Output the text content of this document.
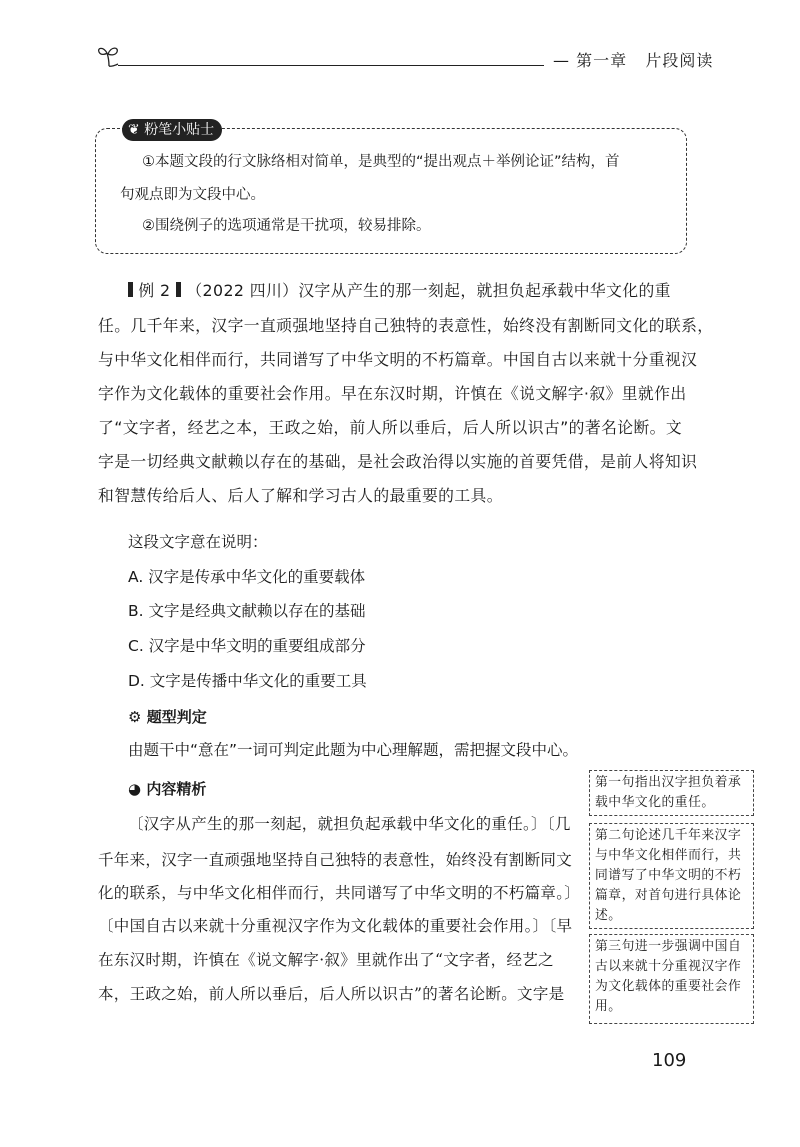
— 第一章 片段阅读
❦ 粉笔小贴士
①本题文段的行文脉络相对简单，是典型的“提出观点＋举例论证”结构，首
句观点即为文段中心。
②围绕例子的选项通常是干扰项，较易排除。
例 2 （2022 四川）汉字从产生的那一刻起，就担负起承载中华文化的重
任。几千年来，汉字一直顽强地坚持自己独特的表意性，始终没有割断同文化的联系，
与中华文化相伴而行，共同谱写了中华文明的不朽篇章。中国自古以来就十分重视汉
字作为文化载体的重要社会作用。早在东汉时期，许慎在《说文解字·叙》里就作出
了“文字者，经艺之本，王政之始，前人所以垂后，后人所以识古”的著名论断。文
字是一切经典文献赖以存在的基础，是社会政治得以实施的首要凭借，是前人将知识
和智慧传给后人、后人了解和学习古人的最重要的工具。
这段文字意在说明：
A. 汉字是传承中华文化的重要载体
B. 文字是经典文献赖以存在的基础
C. 汉字是中华文明的重要组成部分
D. 文字是传播中华文化的重要工具
⚙ 题型判定
由题干中“意在”一词可判定此题为中心理解题，需把握文段中心。
◕ 内容精析
〔汉字从产生的那一刻起，就担负起承载中华文化的重任。〕〔几
千年来，汉字一直顽强地坚持自己独特的表意性，始终没有割断同文
化的联系，与中华文化相伴而行，共同谱写了中华文明的不朽篇章。〕
〔中国自古以来就十分重视汉字作为文化载体的重要社会作用。〕〔早
在东汉时期，许慎在《说文解字·叙》里就作出了“文字者，经艺之
本，王政之始，前人所以垂后，后人所以识古”的著名论断。文字是
第一句指出汉字担负着承载中华文化的重任。
第二句论述几千年来汉字与中华文化相伴而行，共同谱写了中华文明的不朽篇章，对首句进行具体论述。
第三句进一步强调中国自古以来就十分重视汉字作为文化载体的重要社会作用。
109
